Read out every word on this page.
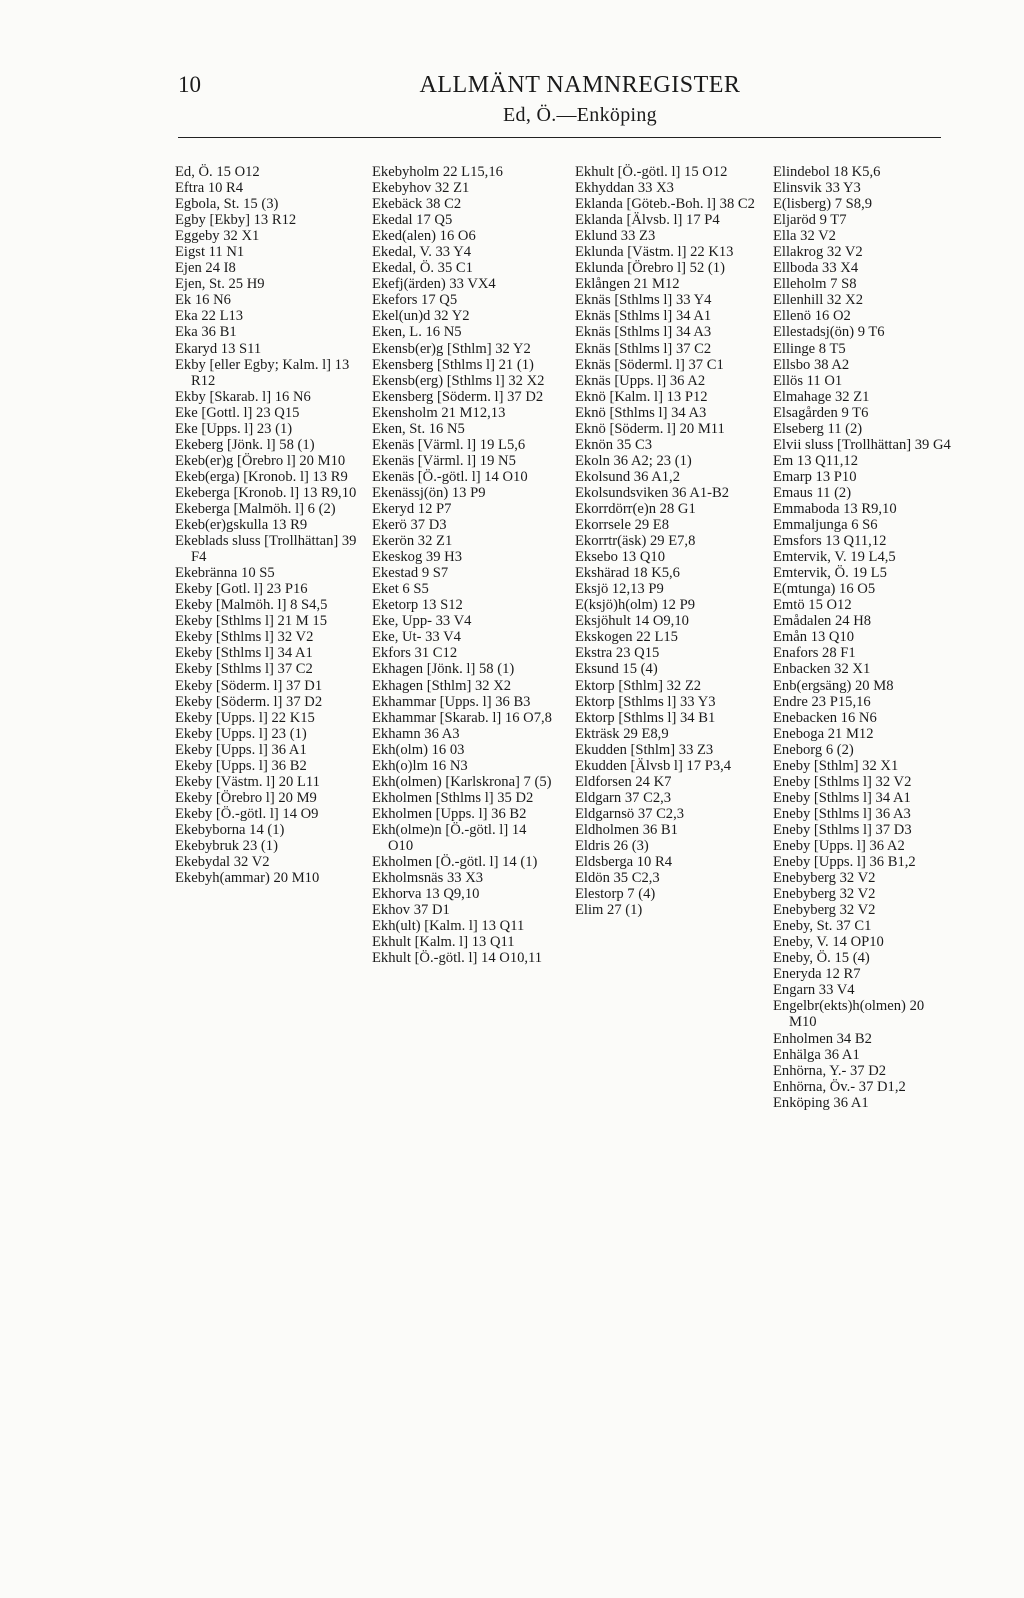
10	ALLMÄNT NAMNREGISTER
Ed, Ö.—Enköping
Ed, Ö. 15 O12
Eftra 10 R4
Egbola, St. 15 (3)
Egby [Ekby] 13 R12
Eggeby 32 X1
Eigst 11 N1
Ejen 24 I8
Ejen, St. 25 H9
Ek 16 N6
Eka 22 L13
Eka 36 B1
Ekaryd 13 S11
Ekby [eller Egby; Kalm. l] 13 R12
Ekby [Skarab. l] 16 N6
Eke [Gottl. l] 23 Q15
Eke [Upps. l] 23 (1)
Ekeberg [Jönk. l] 58 (1)
Ekeb(er)g [Örebro l] 20 M10
Ekeb(erga) [Kronob. l] 13 R9
Ekeberga [Kronob. l] 13 R9,10
Ekeberga [Malmöh. l] 6 (2)
Ekeb(er)gskulla 13 R9
Ekeblads sluss [Trollhättan] 39 F4
Ekebränna 10 S5
Ekeby [Gotl. l] 23 P16
Ekeby [Malmöh. l] 8 S4,5
Ekeby [Sthlms l] 21 M 15
Ekeby [Sthlms l] 32 V2
Ekeby [Sthlms l] 34 A1
Ekeby [Sthlms l] 37 C2
Ekeby [Söderm. l] 37 D1
Ekeby [Söderm. l] 37 D2
Ekeby [Upps. l] 22 K15
Ekeby [Upps. l] 23 (1)
Ekeby [Upps. l] 36 A1
Ekeby [Upps. l] 36 B2
Ekeby [Västm. l] 20 L11
Ekeby [Örebro l] 20 M9
Ekeby [Ö.-götl. l] 14 O9
Ekebyborna 14 (1)
Ekebybruk 23 (1)
Ekebydal 32 V2
Ekebyh(ammar) 20 M10
Ekebyholm 22 L15,16
Ekebyhov 32 Z1
Ekebäck 38 C2
Ekedal 17 Q5
Eked(alen) 16 O6
Ekedal, V. 33 Y4
Ekedal, Ö. 35 C1
Ekefj(ärden) 33 VX4
Ekefors 17 Q5
Ekel(un)d 32 Y2
Eken, L. 16 N5
Ekensb(er)g [Sthlm] 32 Y2
Ekensberg [Sthlms l] 21 (1)
Ekensb(erg) [Sthlms l] 32 X2
Ekensberg [Söderm. l] 37 D2
Ekensholm 21 M12,13
Eken, St. 16 N5
Ekenäs [Värml. l] 19 L5,6
Ekenäs [Värml. l] 19 N5
Ekenäs [Ö.-götl. l] 14 O10
Ekenässj(ön) 13 P9
Ekeryd 12 P7
Ekerö 37 D3
Ekerön 32 Z1
Ekeskog 39 H3
Ekestad 9 S7
Eket 6 S5
Eketorp 13 S12
Eke, Upp- 33 V4
Eke, Ut- 33 V4
Ekfors 31 C12
Ekhagen [Jönk. l] 58 (1)
Ekhagen [Sthlm] 32 X2
Ekhammar [Upps. l] 36 B3
Ekhammar [Skarab. l] 16 O7,8
Ekhamn 36 A3
Ekh(olm) 16 03
Ekh(o)lm 16 N3
Ekh(olmen) [Karlskrona] 7 (5)
Ekholmen [Sthlms l] 35 D2
Ekholmen [Upps. l] 36 B2
Ekh(olme)n [Ö.-götl. l] 14 O10
Ekholmen [Ö.-götl. l] 14 (1)
Ekholmsnäs 33 X3
Ekhorva 13 Q9,10
Ekhov 37 D1
Ekh(ult) [Kalm. l] 13 Q11
Ekhult [Kalm. l] 13 Q11
Ekhult [Ö.-götl. l] 14 O10,11
Ekhult [Ö.-götl. l] 15 O12
Ekhyddan 33 X3
Eklanda [Göteb.-Boh. l] 38 C2
Eklanda [Älvsb. l] 17 P4
Eklund 33 Z3
Eklunda [Västm. l] 22 K13
Eklunda [Örebro l] 52 (1)
Eklången 21 M12
Eknäs [Sthlms l] 33 Y4
Eknäs [Sthlms l] 34 A1
Eknäs [Sthlms l] 34 A3
Eknäs [Sthlms l] 37 C2
Eknäs [Söderml. l] 37 C1
Eknäs [Upps. l] 36 A2
Eknö [Kalm. l] 13 P12
Eknö [Sthlms l] 34 A3
Eknö [Söderm. l] 20 M11
Eknön 35 C3
Ekoln 36 A2; 23 (1)
Ekolsund 36 A1,2
Ekolsundsviken 36 A1-B2
Ekorrdörr(e)n 28 G1
Ekorrsele 29 E8
Ekorrtr(äsk) 29 E7,8
Eksebo 13 Q10
Ekshärad 18 K5,6
Eksjö 12,13 P9
E(ksjö)h(olm) 12 P9
Eksjöhult 14 O9,10
Ekskogen 22 L15
Ekstra 23 Q15
Eksund 15 (4)
Ektorp [Sthlm] 32 Z2
Ektorp [Sthlms l] 33 Y3
Ektorp [Sthlms l] 34 B1
Ekträsk 29 E8,9
Ekudden [Sthlm] 33 Z3
Ekudden [Älvsb l] 17 P3,4
Eldforsen 24 K7
Eldgarn 37 C2,3
Eldgarnsö 37 C2,3
Eldholmen 36 B1
Eldris 26 (3)
Eldsberga 10 R4
Eldön 35 C2,3
Elestorp 7 (4)
Elim 27 (1)
Elindebol 18 K5,6
Elinsvik 33 Y3
E(lisberg) 7 S8,9
Eljaröd 9 T7
Ella 32 V2
Ellakrog 32 V2
Ellboda 33 X4
Elleholm 7 S8
Ellenhill 32 X2
Ellenö 16 O2
Ellestadsj(ön) 9 T6
Ellinge 8 T5
Ellsbo 38 A2
Ellös 11 O1
Elmahage 32 Z1
Elsagården 9 T6
Elseberg 11 (2)
Elvii sluss [Trollhättan] 39 G4
Em 13 Q11,12
Emarp 13 P10
Emaus 11 (2)
Emmaboda 13 R9,10
Emmaljunga 6 S6
Emsfors 13 Q11,12
Emtervik, V. 19 L4,5
Emtervik, Ö. 19 L5
E(mtunga) 16 O5
Emtö 15 O12
Emådalen 24 H8
Emån 13 Q10
Enafors 28 F1
Enbacken 32 X1
Enb(ergsäng) 20 M8
Endre 23 P15,16
Enebacken 16 N6
Eneboga 21 M12
Eneborg 6 (2)
Eneby [Sthlm] 32 X1
Eneby [Sthlms l] 32 V2
Eneby [Sthlms l] 34 A1
Eneby [Sthlms l] 36 A3
Eneby [Sthlms l] 37 D3
Eneby [Upps. l] 36 A2
Eneby [Upps. l] 36 B1,2
Enebyberg 32 V2
Enebyberg 32 V2
Enebyberg 32 V2
Eneby, St. 37 C1
Eneby, V. 14 OP10
Eneby, Ö. 15 (4)
Eneryda 12 R7
Engarn 33 V4
Engelbr(ekts)h(olmen) 20 M10
Enholmen 34 B2
Enhälga 36 A1
Enhörna, Y.- 37 D2
Enhörna, Öv.- 37 D1,2
Enköping 36 A1
